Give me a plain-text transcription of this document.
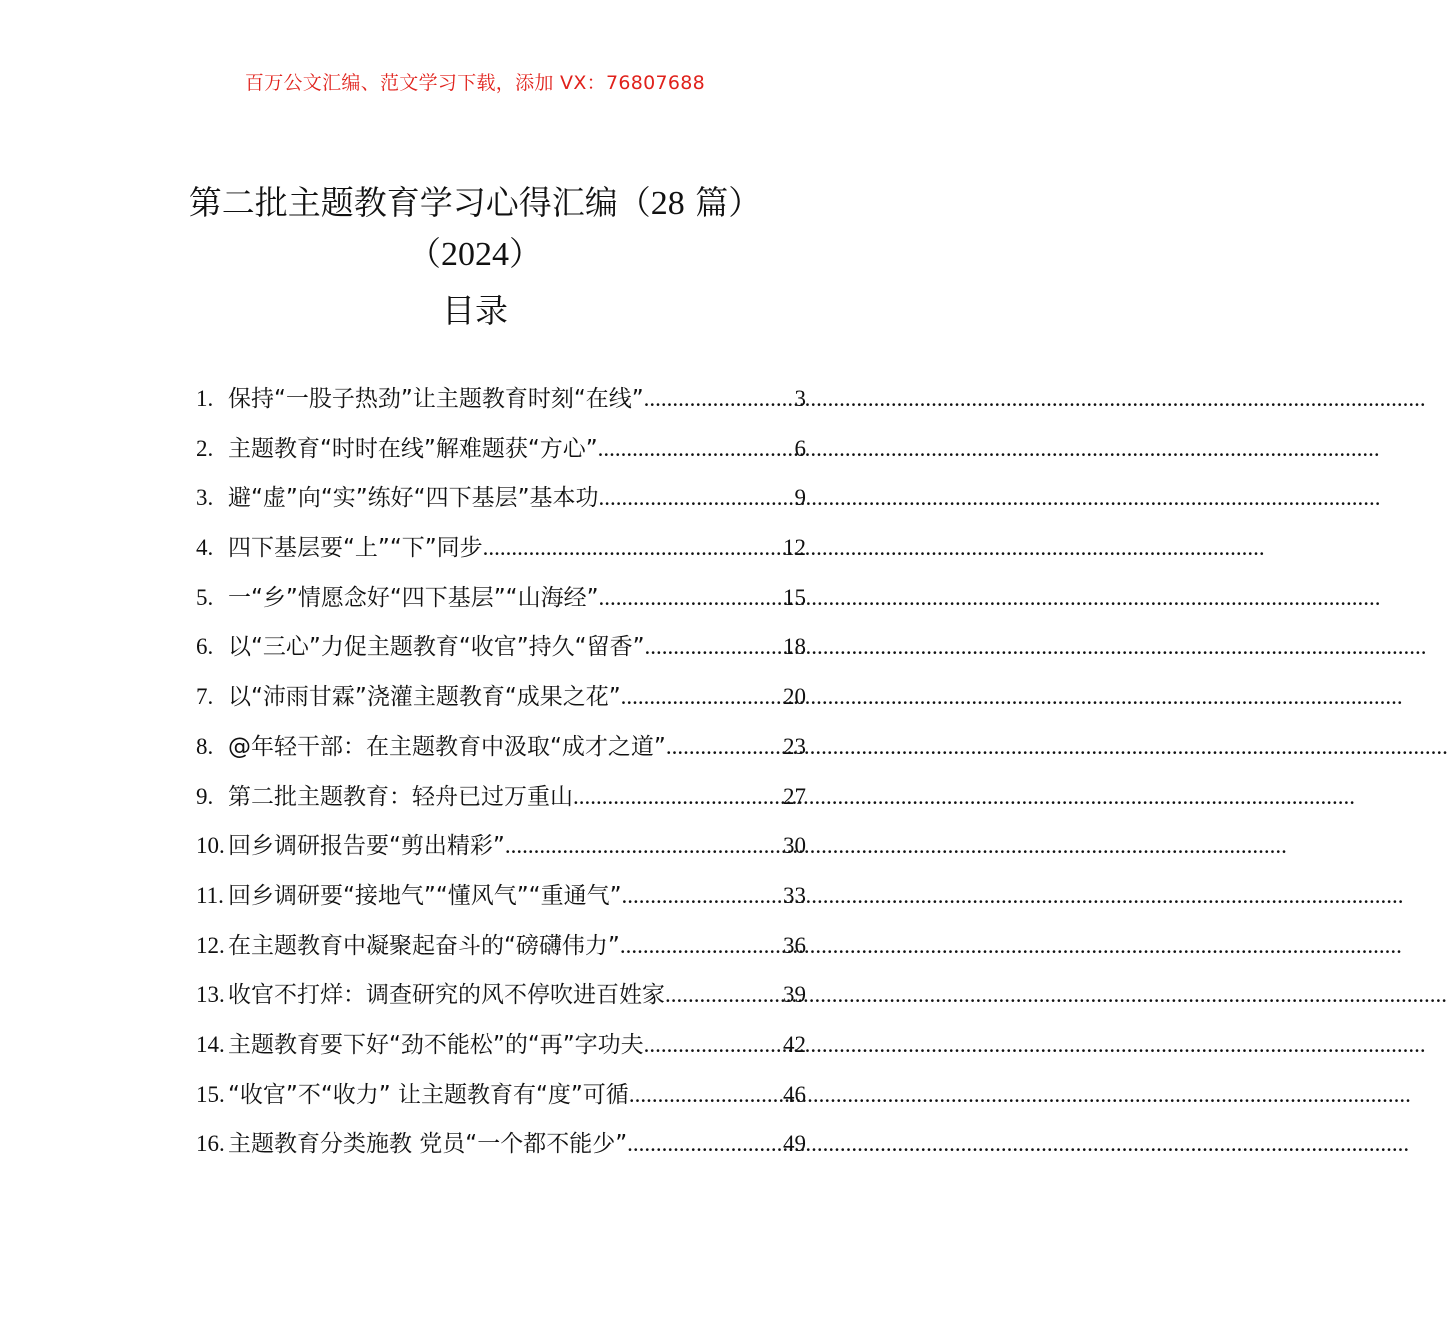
百万公文汇编、范文学习下载，添加 VX：76807688
第二批主题教育学习心得汇编（28 篇）
（2024）
目录
1. 保持“一股子热劲”让主题教育时刻“在线” .....	3
2. 主题教育“时时在线”解难题获“方心” .....	6
3. 避“虚”向“实”练好“四下基层”基本功 .....	9
4. 四下基层要“上”“下”同步 .....	12
5. 一“乡”情愿念好“四下基层”“山海经” .....	15
6. 以“三心”力促主题教育“收官”持久“留香” .....	18
7. 以“沛雨甘霖”浇灌主题教育“成果之花” .....	20
8. @年轻干部：在主题教育中汲取“成才之道” .....	23
9. 第二批主题教育：轻舟已过万重山 .....	27
10. 回乡调研报告要“剪出精彩” .....	30
11. 回乡调研要“接地气”“懂风气”“重通气” .....	33
12. 在主题教育中凝聚起奋斗的“磅礴伟力” .....	36
13. 收官不打烊：调查研究的风不停吹进百姓家 .....	39
14. 主题教育要下好“劲不能松”的“再”字功夫 .....	42
15. “收官”不“收力” 让主题教育有“度”可循 .....	46
16. 主题教育分类施教 党员“一个都不能少” .....	49
